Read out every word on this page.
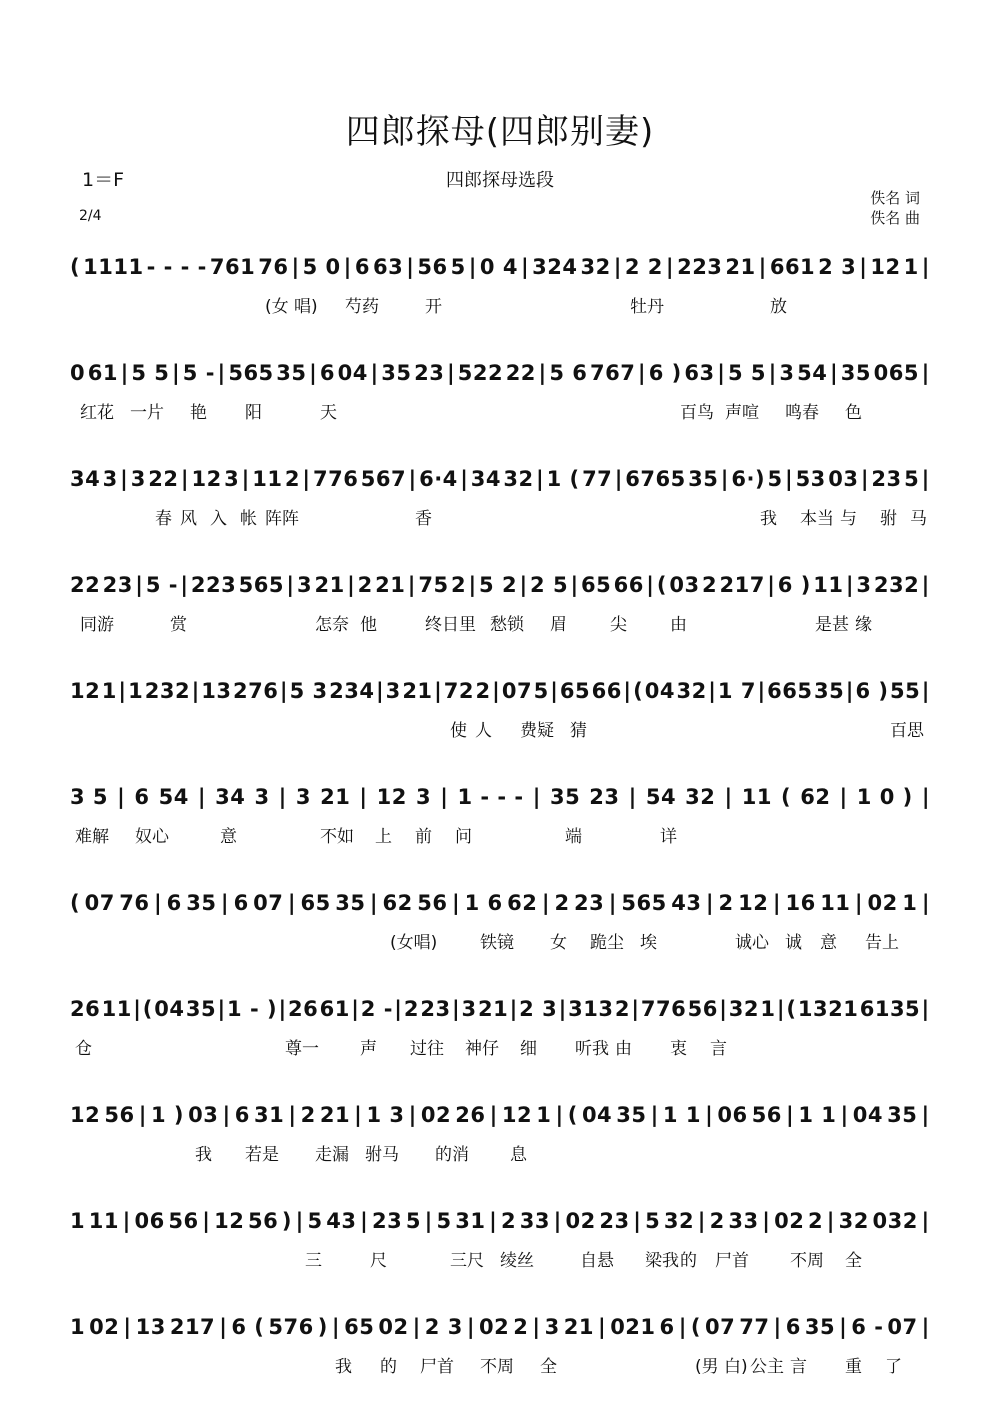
四郎探母(四郎别妻)
1＝F
2/4
四郎探母选段
佚名 词
佚名 曲
( 1111 - - - - 761 76 | 5 0 | 6 63 | 56 5 | 0 4 | 324 32 | 2 2 | 223 21 | 661 2 3 | 12 1 |
(女 唱) 芍药	开	牡丹	放
0 61 | 5 5 | 5 - | 565 35 | 6 04 | 35 23 | 522 22 | 5 6 767 | 6 ) 63 | 5 5 | 3 54 | 35 065 |
红花 一片 艳 阳	天	百鸟 声喧 鸣春 色
34 3 | 3 22 | 12 3 | 11 2 | 776 567 | 6·4 | 34 32 | 1 ( 77 | 6765 35 | 6·) 5 | 53 03 | 23 5 |
春 风 入 帐 阵阵	香	我 本当 与 驸 马
22 23 | 5 - | 223 565 | 3 21 | 2 21 | 75 2 | 5 2 | 2 5 | 65 66 | ( 03 2 217 | 6 ) 11 | 3 232 |
同游	赏	怎奈 他	终日里 愁锁 眉	尖	是甚 缘
由
12 1 | 1 232 | 13 276 | 5 3 234 | 3 21 | 72 2 | 07 5 | 65 66 | ( 04 32 | 1 7 | 665 35 | 6 ) 55 |
使 人 费疑 猜	百思
3 5 | 6 54 | 34 3 | 3 21 | 12 3 | 1 - - - | 35 23 | 54 32 | 11 ( 62 | 1 0 ) |
难解 奴心	意	不如 上 前 问	端	详
( 07 76 | 6 35 | 6 07 | 65 35 | 62 56 | 1 6 62 | 2 23 | 565 43 | 2 12 | 16 11 | 02 1 |
(女唱)	铁镜 女 跪尘 埃	诚心 诚 意 告上
26 11 | ( 04 35 | 1 - ) | 26 61 | 2 - | 2 23 | 3 21 | 2 3 | 313 2 | 776 56 | 32 1 | ( 1321 6135 |
仓	尊一 声 过往 神仔 细 听我 由 衷 言
12 56 | 1 ) 03 | 6 31 | 2 21 | 1 3 | 02 26 | 12 1 | ( 04 35 | 1 1 | 06 56 | 1 1 | 04 35 |
我 若是 走漏 驸马 的消 息
1 11 | 06 56 | 12 56 ) | 5 43 | 23 5 | 5 31 | 2 33 | 02 23 | 5 32 | 2 33 | 02 2 | 32 032 |
三	尺	三尺 绫丝	自悬 梁我 的 尸首 不周 全
1 02 | 13 217 | 6 ( 576 ) | 65 02 | 2 3 | 02 2 | 3 21 | 021 6 | ( 07 77 | 6 35 | 6 - 07 |
我 的 尸首 不周 全	(男 白) 公主 言 重 了
